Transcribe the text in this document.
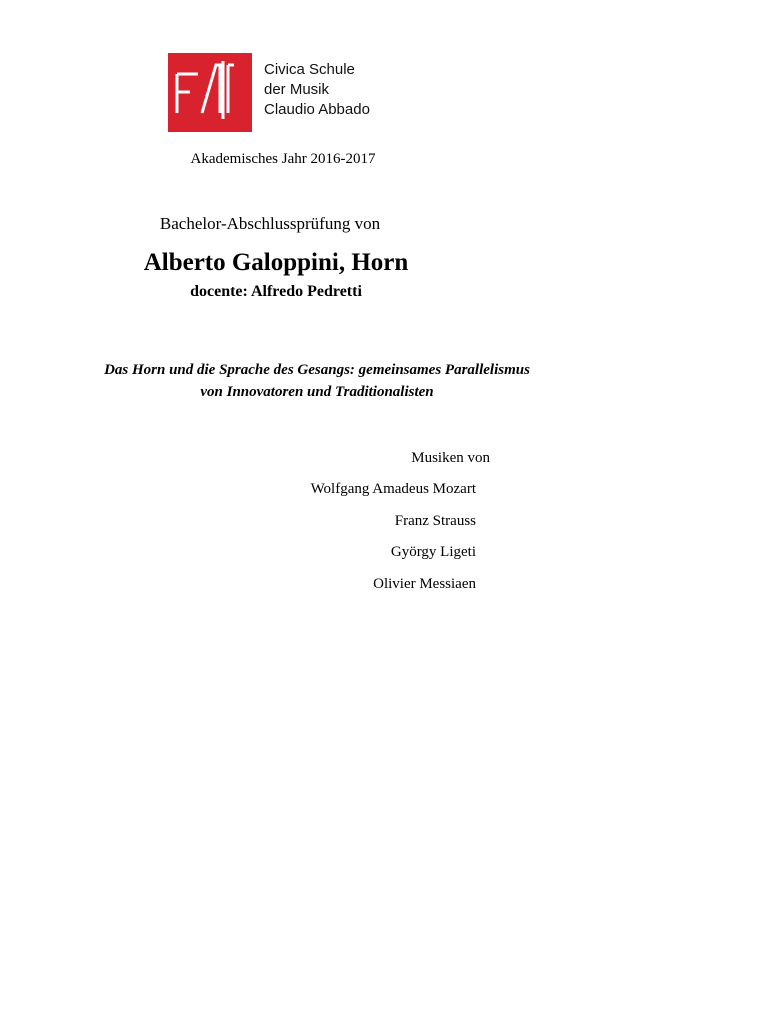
Civica Schule
der Musik
Claudio Abbado
Akademisches Jahr 2016-2017
Bachelor-Abschlussprüfung von
Alberto Galoppini, Horn
docente: Alfredo Pedretti
Das Horn und die Sprache des Gesangs: gemeinsames Parallelismus
von Innovatoren und Traditionalisten
Musiken von
Wolfgang Amadeus Mozart
Franz Strauss
György Ligeti
Olivier Messiaen
